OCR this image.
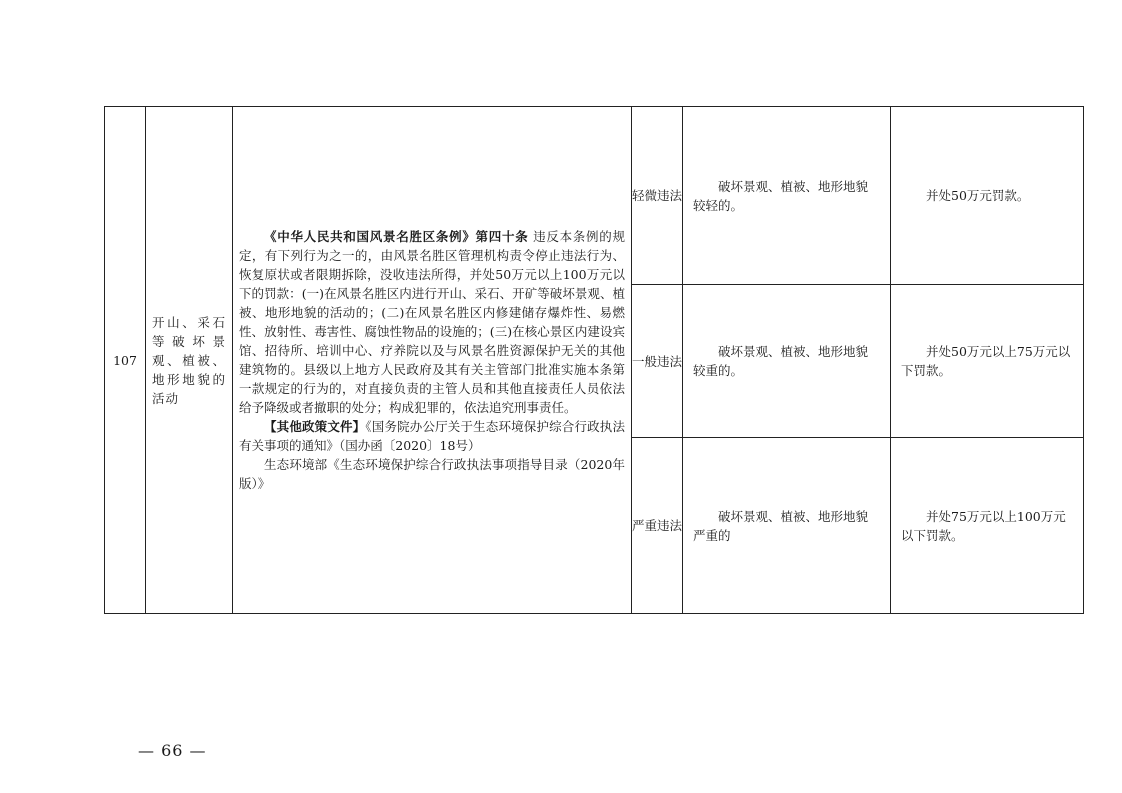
107	开山、采石等破坏景观、植被、地形地貌的活动	《中华人民共和国风景名胜区条例》第四十条 违反本条例的规定，有下列行为之一的，由风景名胜区管理机构责令停止违法行为、恢复原状或者限期拆除，没收违法所得，并处50万元以上100万元以下的罚款：(一)在风景名胜区内进行开山、采石、开矿等破坏景观、植被、地形地貌的活动的；(二)在风景名胜区内修建储存爆炸性、易燃性、放射性、毒害性、腐蚀性物品的设施的；(三)在核心景区内建设宾馆、招待所、培训中心、疗养院以及与风景名胜资源保护无关的其他建筑物的。县级以上地方人民政府及其有关主管部门批准实施本条第一款规定的行为的，对直接负责的主管人员和其他直接责任人员依法给予降级或者撤职的处分；构成犯罪的，依法追究刑事责任。

【其他政策文件】《国务院办公厅关于生态环境保护综合行政执法有关事项的通知》（国办函〔2020〕18号）

生态环境部《生态环境保护综合行政执法事项指导目录（2020年版）》	轻微违法	破坏景观、植被、地形地貌较轻的。	并处50万元罚款。
			一般违法	破坏景观、植被、地形地貌较重的。	并处50万元以上75万元以下罚款。
			严重违法	破坏景观、植被、地形地貌严重的	并处75万元以上100万元以下罚款。
— 66 —
